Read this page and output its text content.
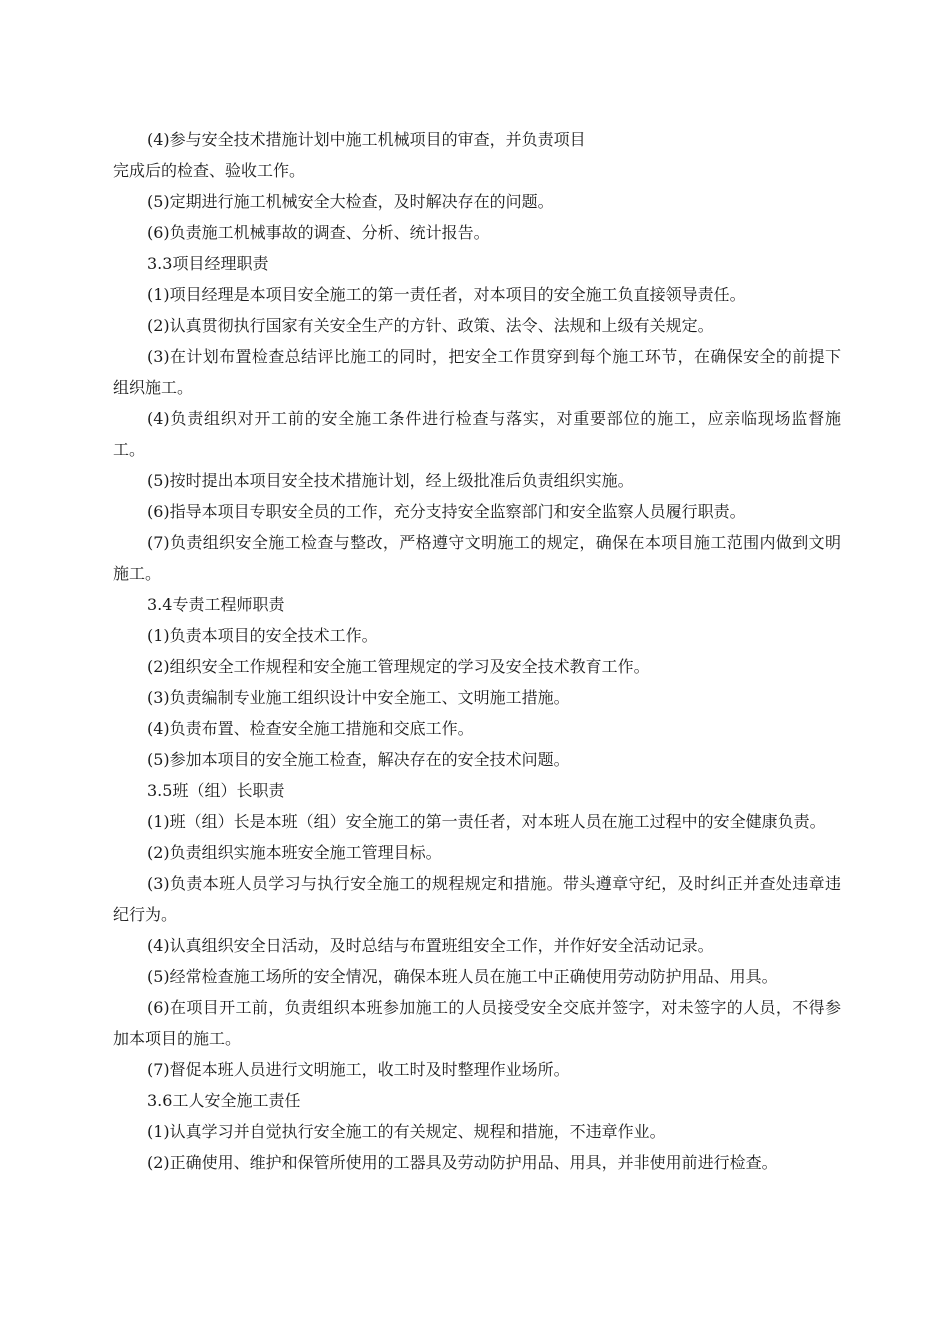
(4)参与安全技术措施计划中施工机械项目的审查，并负责项目

完成后的检查、验收工作。

(5)定期进行施工机械安全大检查，及时解决存在的问题。

(6)负责施工机械事故的调查、分析、统计报告。

3.3项目经理职责

(1)项目经理是本项目安全施工的第一责任者，对本项目的安全施工负直接领导责任。

(2)认真贯彻执行国家有关安全生产的方针、政策、法令、法规和上级有关规定。

(3)在计划布置检查总结评比施工的同时，把安全工作贯穿到每个施工环节，在确保安全的前提下组织施工。

(4)负责组织对开工前的安全施工条件进行检查与落实，对重要部位的施工，应亲临现场监督施工。

(5)按时提出本项目安全技术措施计划，经上级批准后负责组织实施。

(6)指导本项目专职安全员的工作，充分支持安全监察部门和安全监察人员履行职责。

(7)负责组织安全施工检查与整改，严格遵守文明施工的规定，确保在本项目施工范围内做到文明施工。

3.4专责工程师职责

(1)负责本项目的安全技术工作。

(2)组织安全工作规程和安全施工管理规定的学习及安全技术教育工作。

(3)负责编制专业施工组织设计中安全施工、文明施工措施。

(4)负责布置、检查安全施工措施和交底工作。

(5)参加本项目的安全施工检查，解决存在的安全技术问题。

3.5班（组）长职责

(1)班（组）长是本班（组）安全施工的第一责任者，对本班人员在施工过程中的安全健康负责。

(2)负责组织实施本班安全施工管理目标。

(3)负责本班人员学习与执行安全施工的规程规定和措施。带头遵章守纪，及时纠正并查处违章违纪行为。

(4)认真组织安全日活动，及时总结与布置班组安全工作，并作好安全活动记录。

(5)经常检查施工场所的安全情况，确保本班人员在施工中正确使用劳动防护用品、用具。

(6)在项目开工前，负责组织本班参加施工的人员接受安全交底并签字，对未签字的人员，不得参加本项目的施工。

(7)督促本班人员进行文明施工，收工时及时整理作业场所。

3.6工人安全施工责任

(1)认真学习并自觉执行安全施工的有关规定、规程和措施，不违章作业。

(2)正确使用、维护和保管所使用的工器具及劳动防护用品、用具，并非使用前进行检查。
